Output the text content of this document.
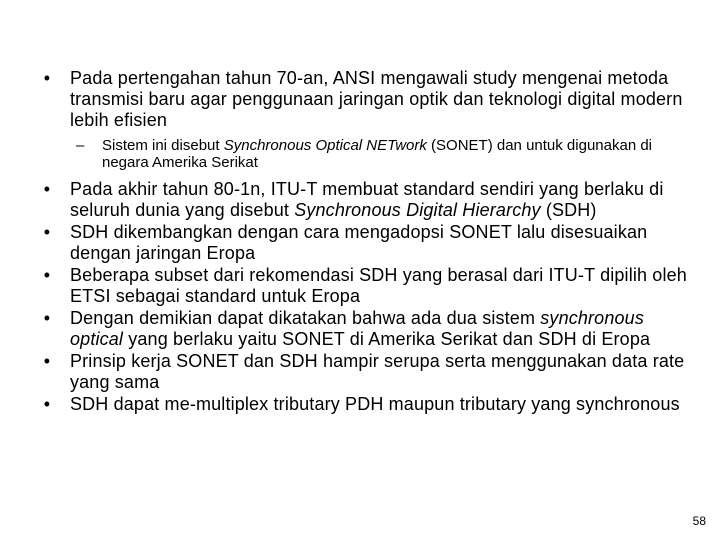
• Pada pertengahan tahun 70-an, ANSI mengawali study mengenai metoda transmisi baru agar penggunaan jaringan optik dan teknologi digital modern lebih efisien
– Sistem ini disebut Synchronous Optical NETwork (SONET) dan untuk digunakan di negara Amerika Serikat
• Pada akhir tahun 80-1n, ITU-T membuat standard sendiri yang berlaku di seluruh dunia yang disebut Synchronous Digital Hierarchy (SDH)
• SDH dikembangkan dengan cara mengadopsi SONET lalu disesuaikan dengan jaringan Eropa
• Beberapa subset dari rekomendasi SDH yang berasal dari ITU-T dipilih oleh ETSI sebagai standard untuk Eropa
• Dengan demikian dapat dikatakan bahwa ada dua sistem synchronous optical yang berlaku yaitu SONET di Amerika Serikat dan SDH di Eropa
• Prinsip kerja SONET dan SDH hampir serupa serta menggunakan data rate yang sama
• SDH dapat me-multiplex tributary PDH maupun tributary yang synchronous
58
